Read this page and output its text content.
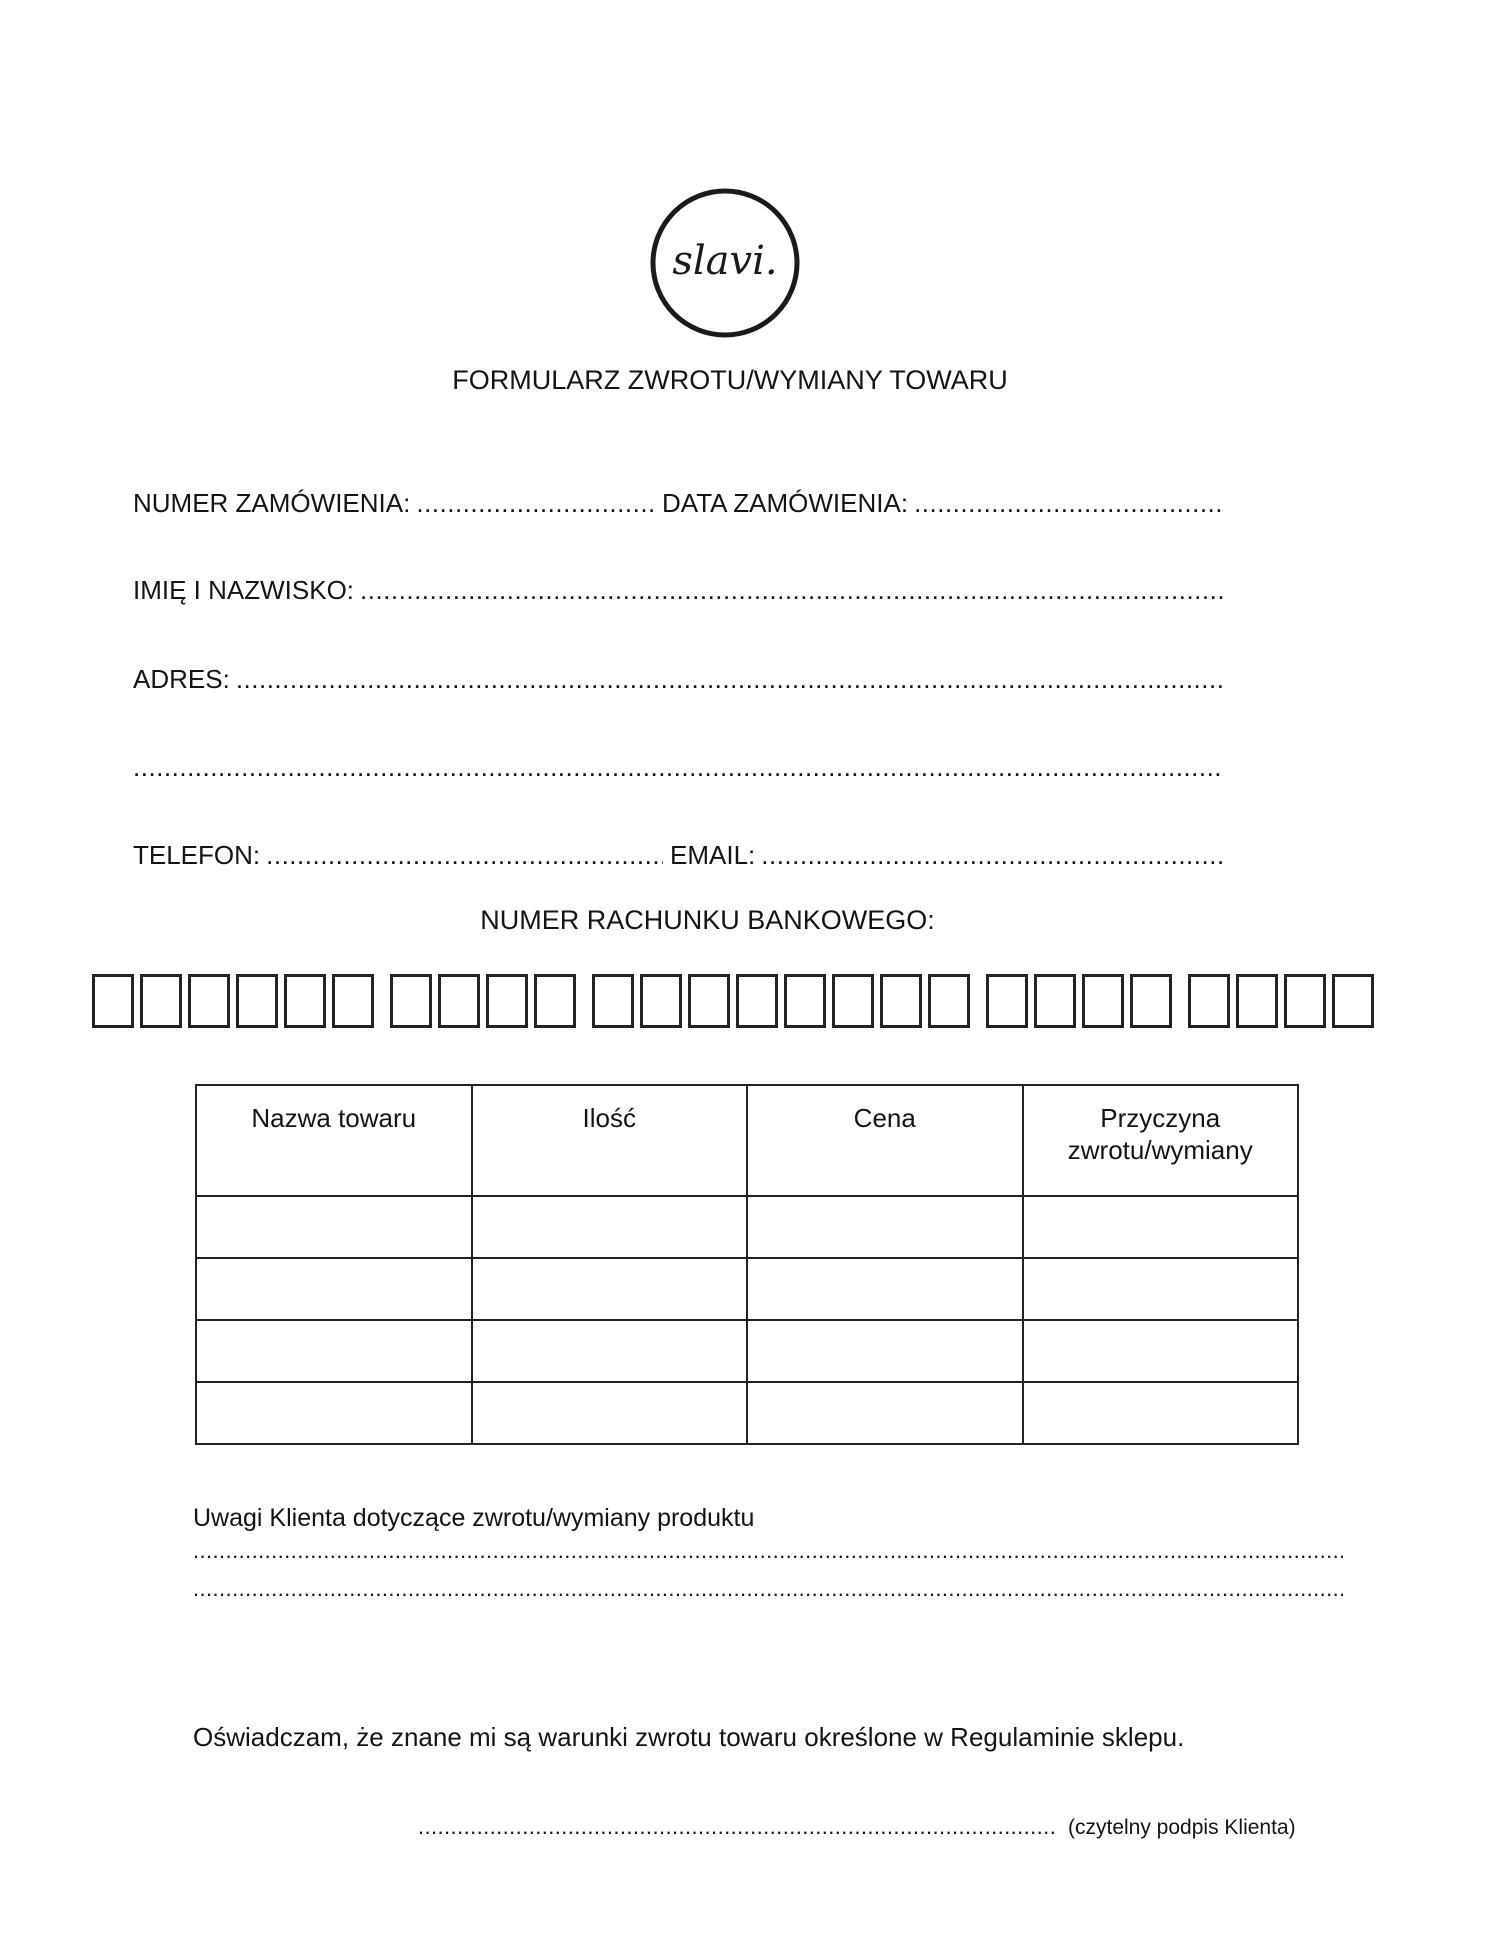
slavi.
FORMULARZ ZWROTU/WYMIANY TOWARU
NUMER ZAMÓWIENIA: .....	DATA ZAMÓWIENIA:
.....
IMIĘ I NAZWISKO:
.....
ADRES:
.....
.....
TELEFON: .....	EMAIL:
.....
NUMER RACHUNKU BANKOWEGO:
Nazwa towaru	Ilość	Cena	Przyczyna zwrotu/wymiany

Uwagi Klienta dotyczące zwrotu/wymiany produktu
.....
.....
Oświadczam, że znane mi są warunki zwrotu towaru określone w Regulaminie sklepu.
.....
(czytelny podpis Klienta)
